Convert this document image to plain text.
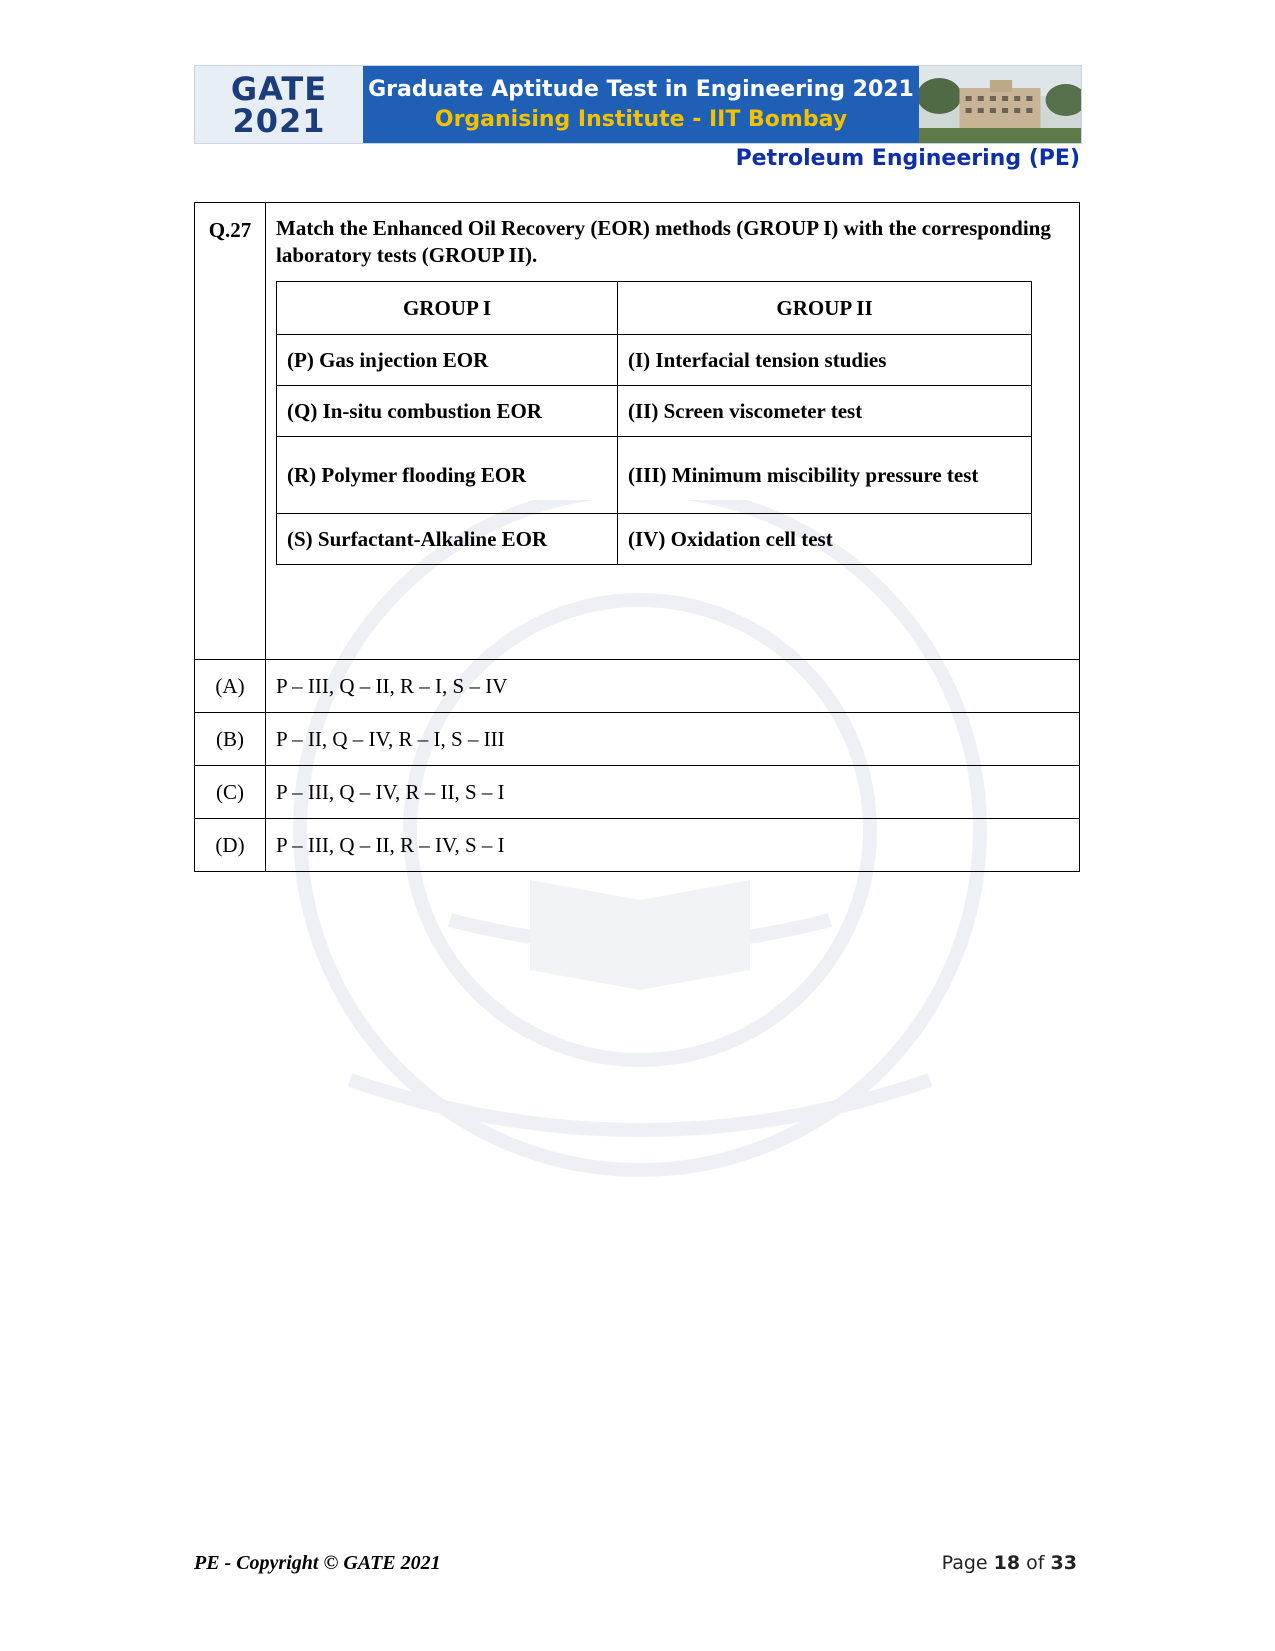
GATE
2021
Graduate Aptitude Test in Engineering 2021
Organising Institute - IIT Bombay
Petroleum Engineering (PE)
Q.27	Match the Enhanced Oil Recovery (EOR) methods (GROUP I) with the corresponding laboratory tests (GROUP II).
GROUP I	GROUP II
(P) Gas injection EOR	(I) Interfacial tension studies
(Q) In-situ combustion EOR	(II) Screen viscometer test
(R) Polymer flooding EOR	(III) Minimum miscibility pressure test
(S) Surfactant-Alkaline EOR	(IV) Oxidation cell test

(A)	P – III, Q – II, R – I, S – IV
(B)	P – II, Q – IV, R – I, S – III
(C)	P – III, Q – IV, R – II, S – I
(D)	P – III, Q – II, R – IV, S – I
PE - Copyright © GATE 2021	Page 18 of 33
